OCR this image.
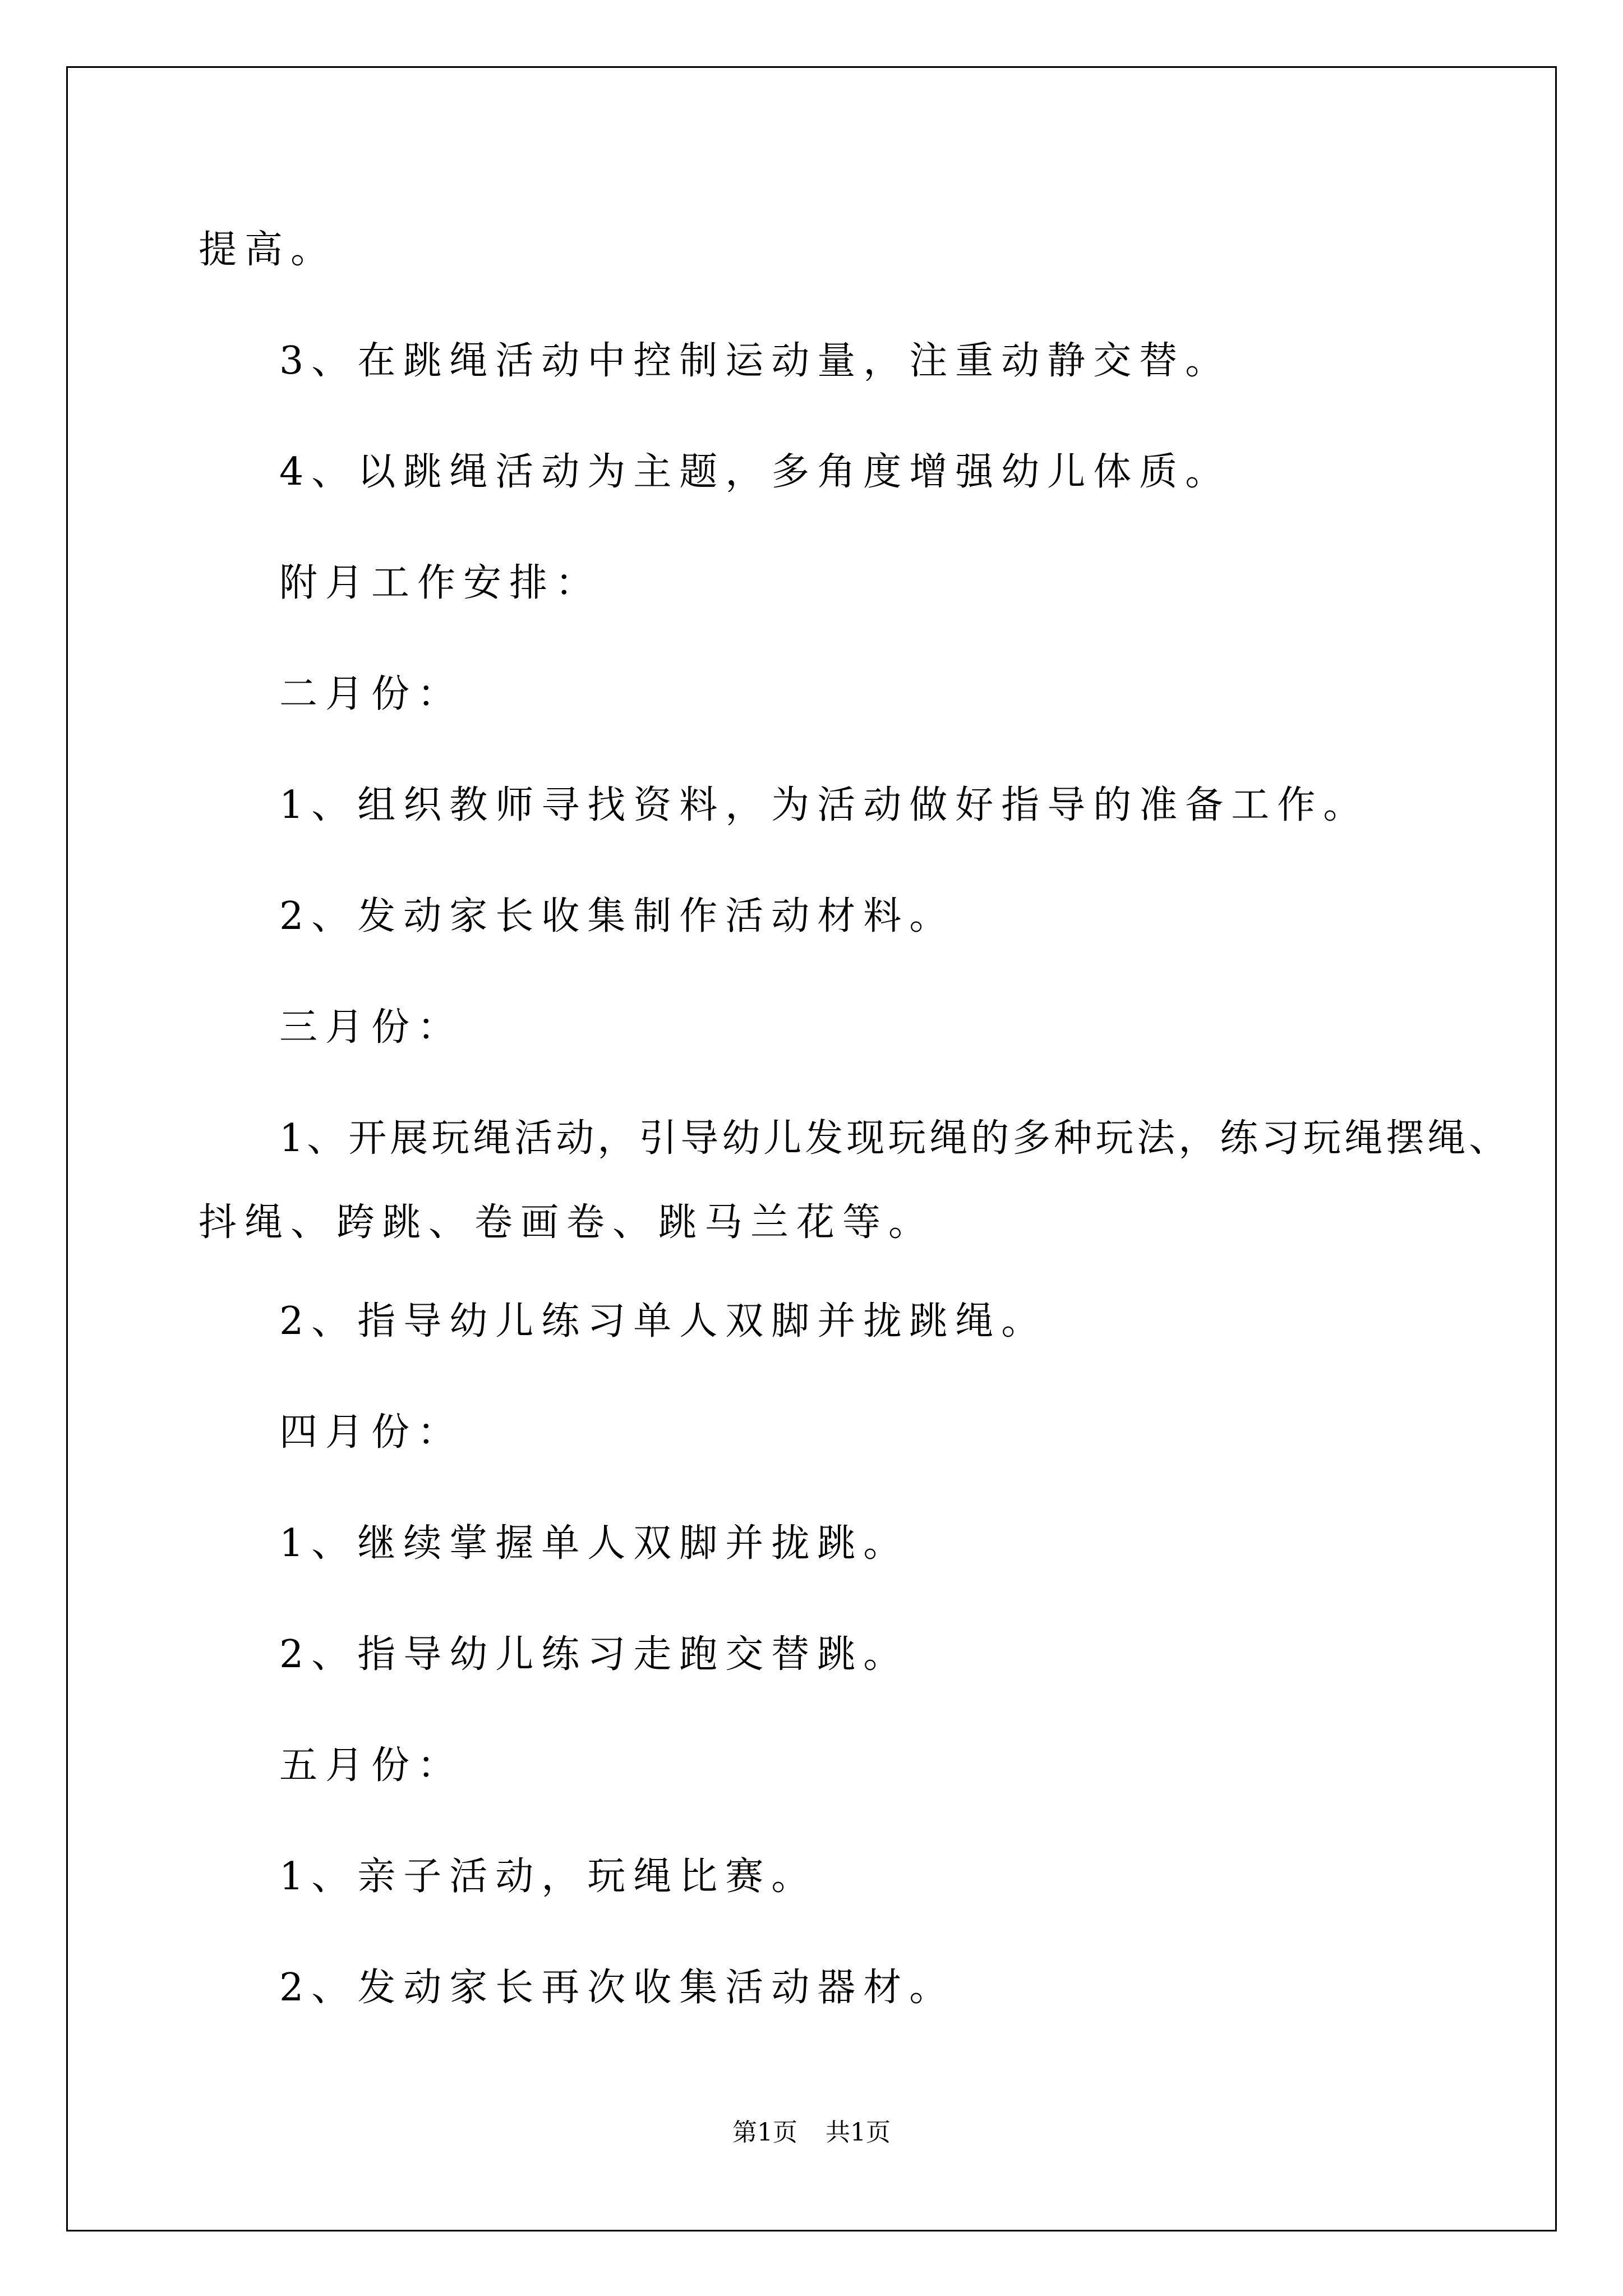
提高。
3、在跳绳活动中控制运动量，注重动静交替。
4、以跳绳活动为主题，多角度增强幼儿体质。
附月工作安排：
二月份：
1、组织教师寻找资料，为活动做好指导的准备工作。
2、发动家长收集制作活动材料。
三月份：
1、开展玩绳活动，引导幼儿发现玩绳的多种玩法，练习玩绳摆绳、
抖绳、跨跳、卷画卷、跳马兰花等。
2、指导幼儿练习单人双脚并拢跳绳。
四月份：
1、继续掌握单人双脚并拢跳。
2、指导幼儿练习走跑交替跳。
五月份：
1、亲子活动，玩绳比赛。
2、发动家长再次收集活动器材。
第1页 共1页
